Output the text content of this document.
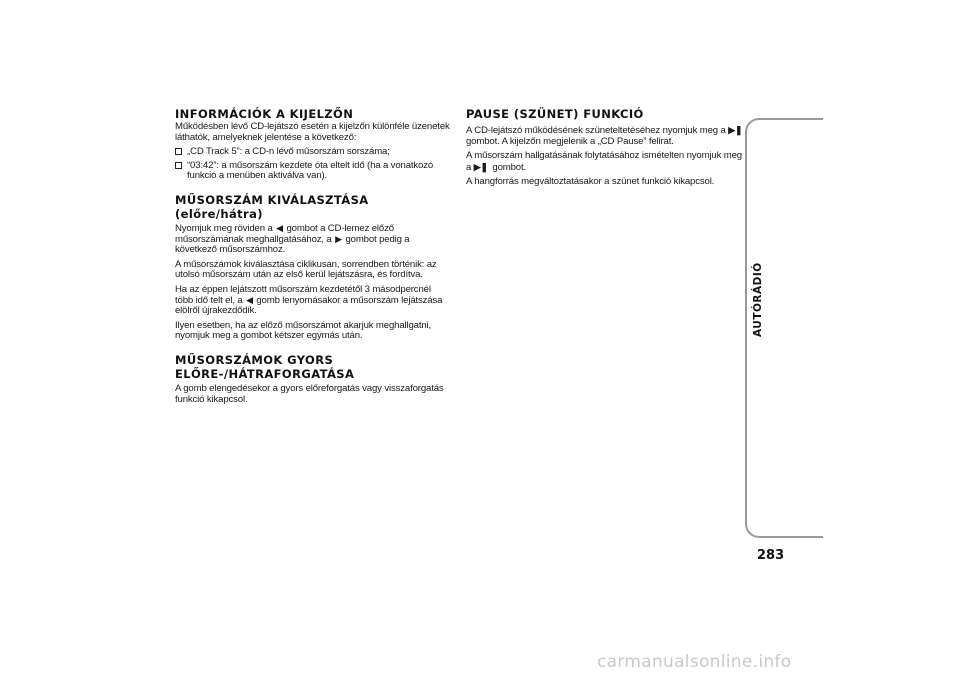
INFORMÁCIÓK A KIJELZŐN

Működésben lévő CD-lejátszó esetén a kijelzőn különféle üzenetek láthatók, amelyeknek jelentése a következő:

„CD Track 5”: a CD-n lévő műsorszám sorszáma;

“03:42”: a műsorszám kezdete óta eltelt idő (ha a vonatkozó funkció a menüben aktiválva van).

MŰSORSZÁM KIVÁLASZTÁSA
(előre/hátra)

Nyomjuk meg röviden a ◀ gombot a CD-lemez előző műsorszámának meghallgatásához, a ▶ gombot pedig a következő műsorszámhoz.

A műsorszámok kiválasztása ciklikusan, sorrendben történik: az utolsó műsorszám után az első kerül lejátszásra, és fordítva.

Ha az éppen lejátszott műsorszám kezdetétől 3 másodpercnél több idő telt el, a ◀ gomb lenyomásakor a műsorszám lejátszása elölről újrakezdődik.

Ilyen esetben, ha az előző műsorszámot akarjuk meghallgatni, nyomjuk meg a gombot kétszer egymás után.

MŰSORSZÁMOK GYORS
ELŐRE-/HÁTRAFORGATÁSA

A gomb elengedésekor a gyors előreforgatás vagy visszaforgatás funkció kikapcsol.

PAUSE (SZÜNET) FUNKCIÓ

A CD-lejátszó működésének szüneteltetéséhez nyomjuk meg a ▶❚ gombot. A kijelzőn megjelenik a „CD Pause” felirat.

A műsorszám hallgatásának folytatásához ismételten nyomjuk meg a ▶❚ gombot.

A hangforrás megváltoztatásakor a szünet funkció kikapcsol.

AUTÓRÁDIÓ
283
carmanualsonline.info
